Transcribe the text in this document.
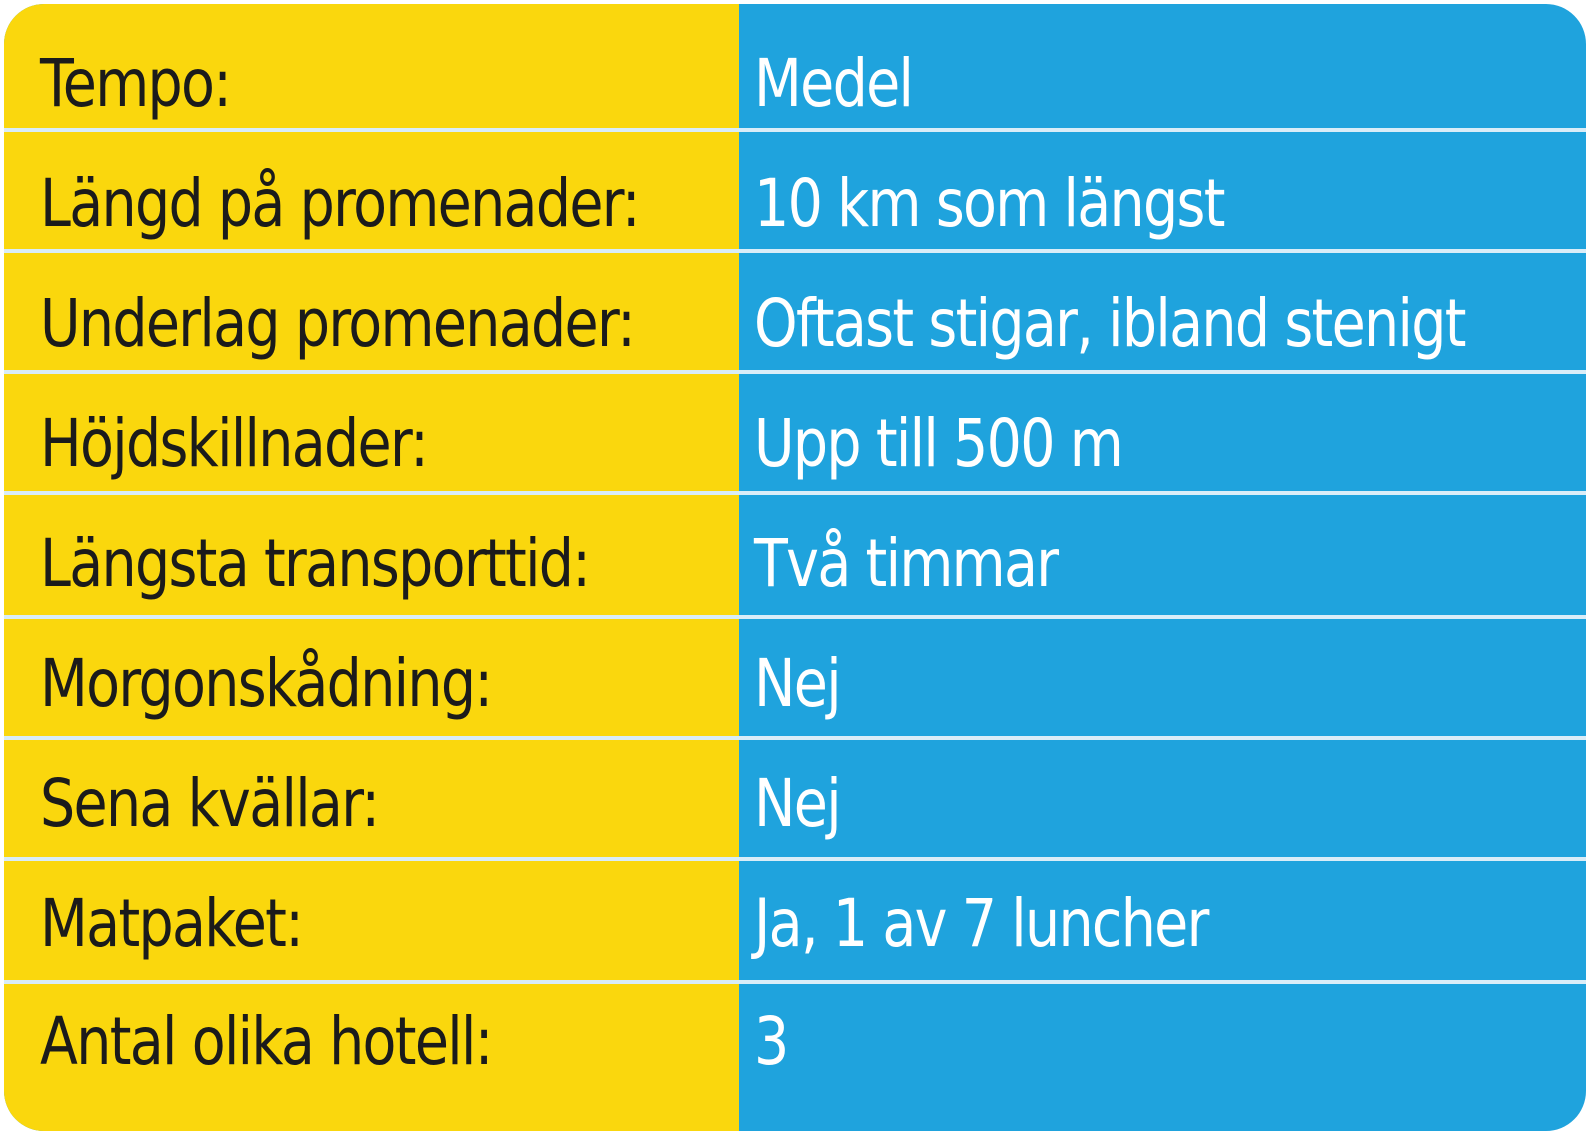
Tempo:	Medel
Längd på promenader: 10 km som längst
Underlag promenader: Oftast stigar, ibland stenigt
Höjdskillnader:	Upp till 500 m
Längsta transporttid: Två timmar
Morgonskådning:	Nej
Sena kvällar:	Nej
Matpaket:	Ja, 1 av 7 luncher
Antal olika hotell:	3
